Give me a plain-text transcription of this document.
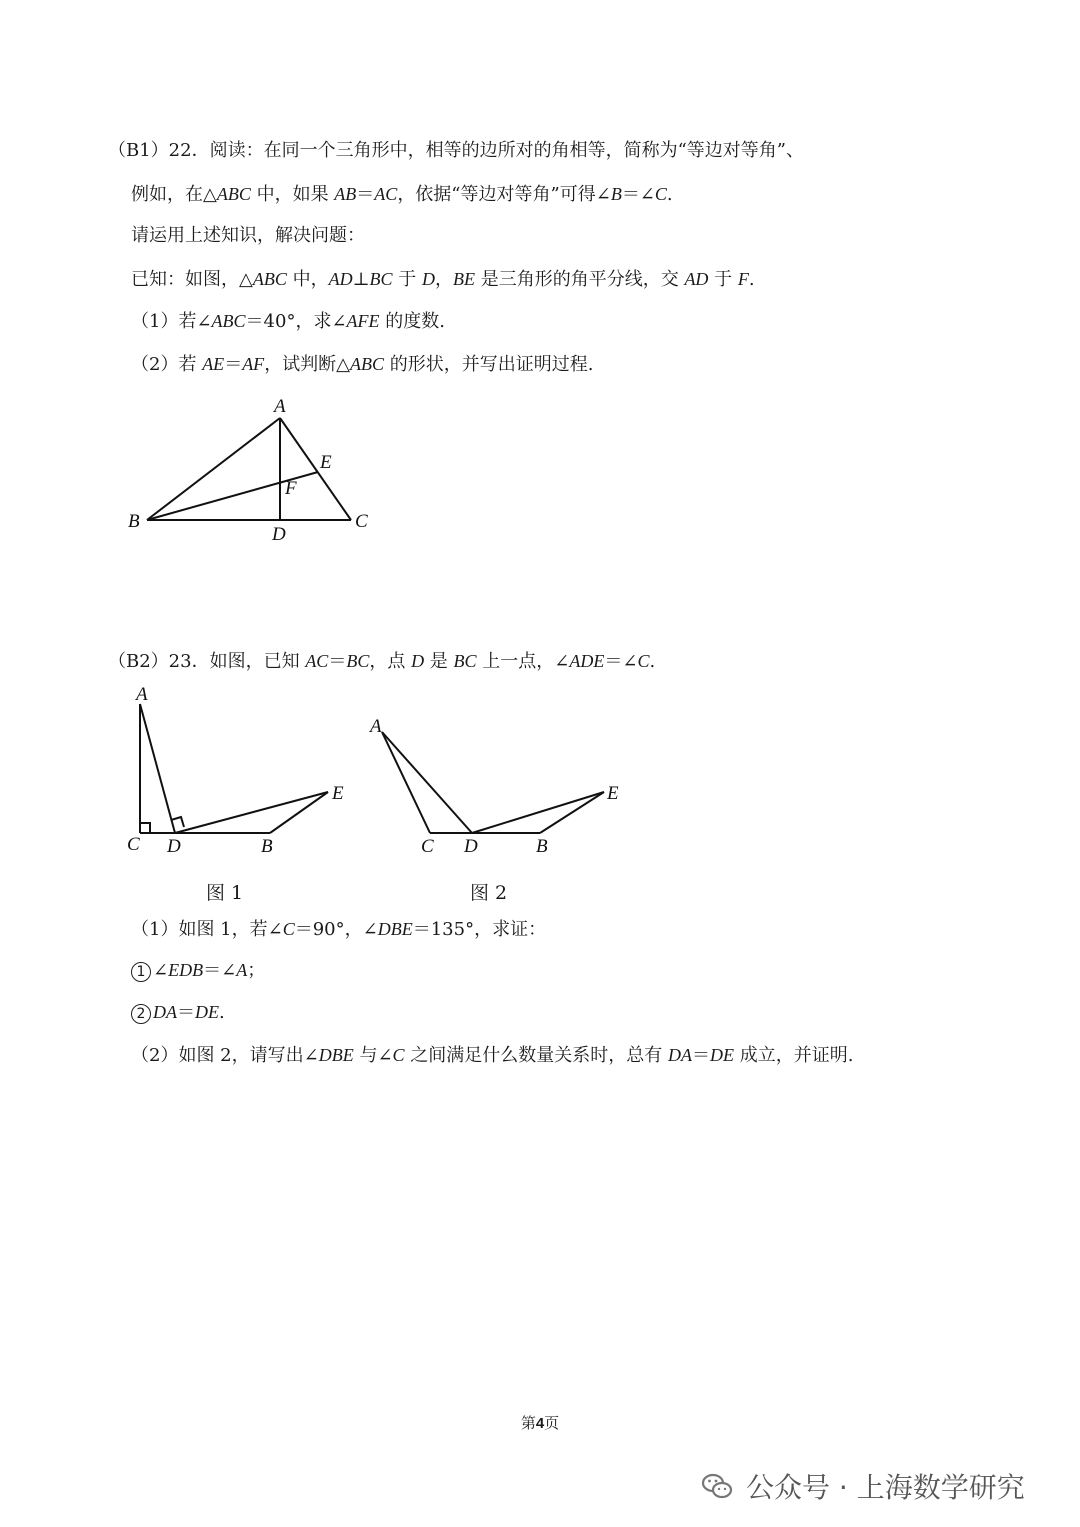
（B1）22．阅读：在同一个三角形中，相等的边所对的角相等，简称为“等边对等角”、
例如，在△ABC 中，如果 AB＝AC，依据“等边对等角”可得∠B＝∠C.
请运用上述知识，解决问题：
已知：如图，△ABC 中，AD⊥BC 于 D，BE 是三角形的角平分线，交 AD 于 F.
（1）若∠ABC＝40°，求∠AFE 的度数.
（2）若 AE＝AF，试判断△ABC 的形状，并写出证明过程.
A
B	C
D
E
F
（B2）23．如图，已知 AC＝BC，点 D 是 BC 上一点，∠ADE＝∠C.
A
C D	B
E
A
C D	B
E
图 1	图 2
（1）如图 1，若∠C＝90°，∠DBE＝135°，求证：
1 ∠EDB＝∠A；
2 DA＝DE.
（2）如图 2，请写出∠DBE 与∠C 之间满足什么数量关系时，总有 DA＝DE 成立，并证明.
第4页
公众号 · 上海数学研究
